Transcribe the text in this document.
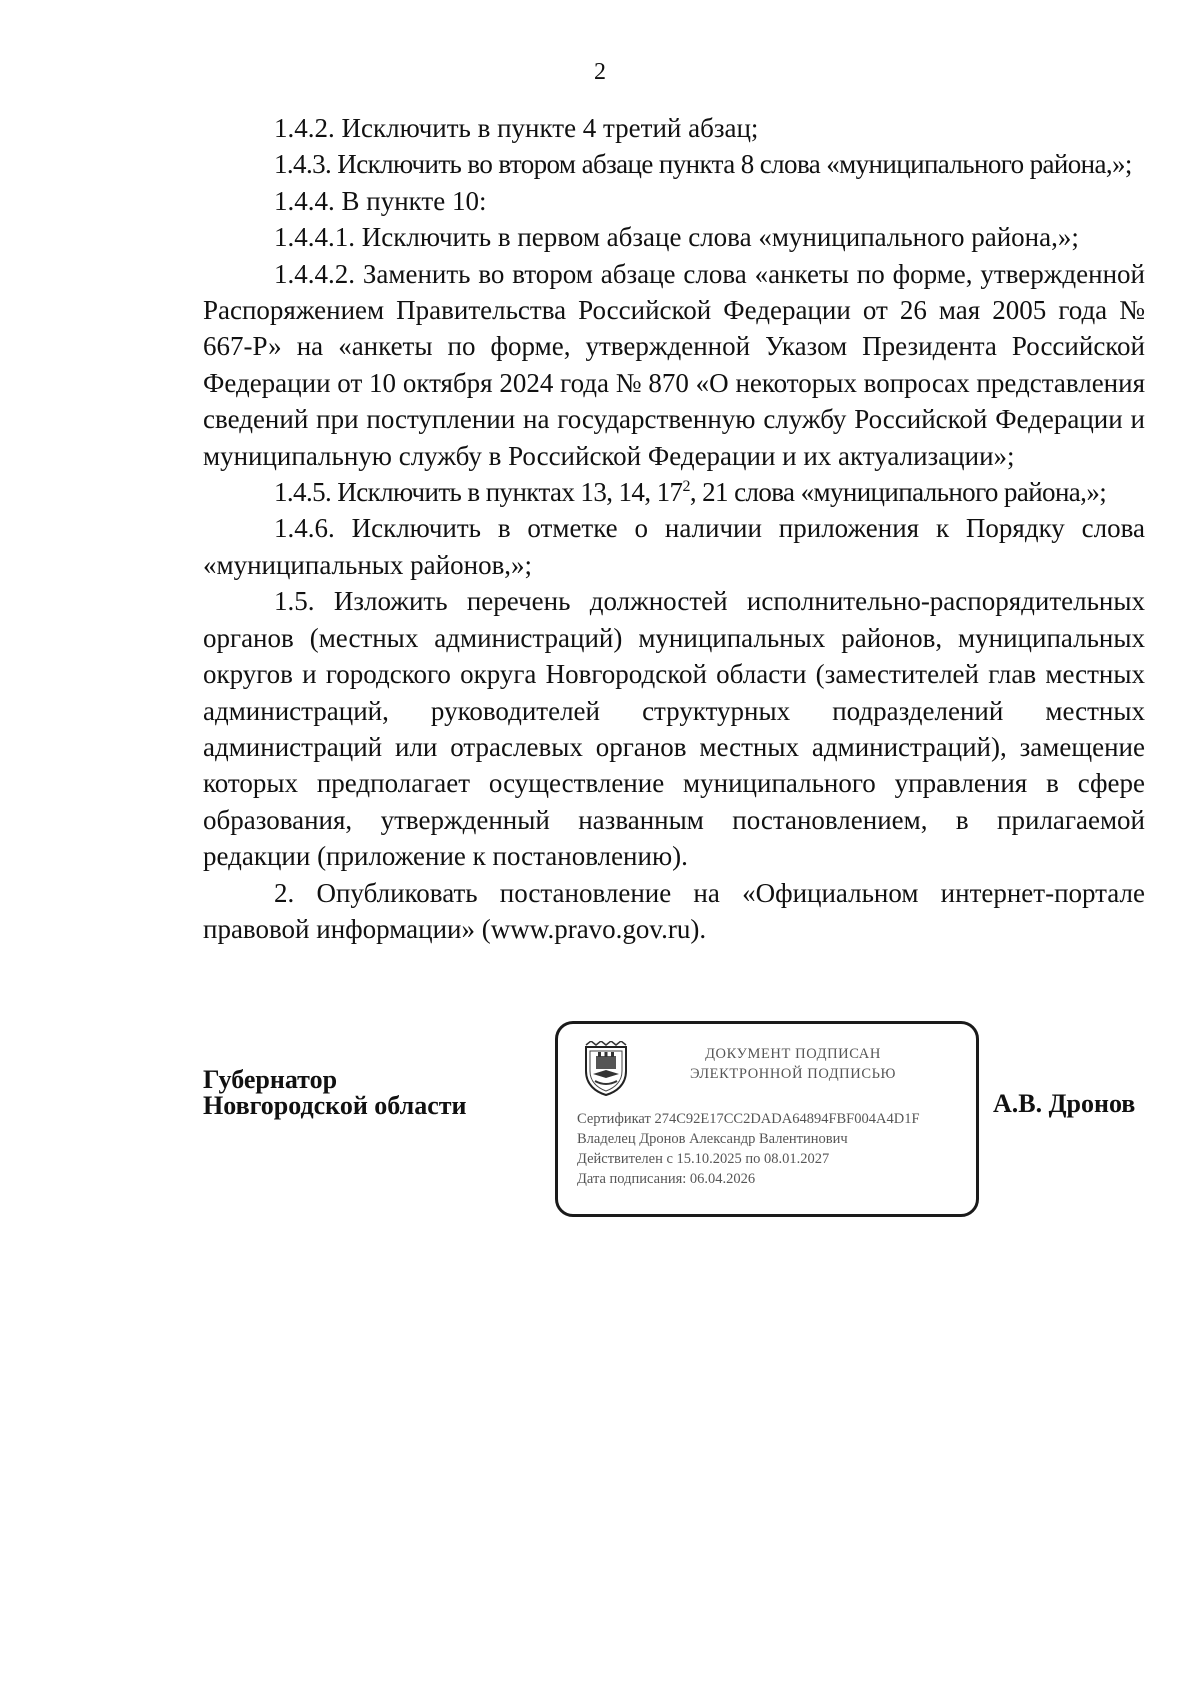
2

1.4.2. Исключить в пункте 4 третий абзац;

1.4.3. Исключить во втором абзаце пункта 8 слова «муниципального района,»;

1.4.4. В пункте 10:

1.4.4.1. Исключить в первом абзаце слова «муниципального района,»;

1.4.4.2. Заменить во втором абзаце слова «анкеты по форме, утвержденной Распоряжением Правительства Российской Федерации от 26 мая 2005 года № 667-Р» на «анкеты по форме, утвержденной Указом Президента Российской Федерации от 10 октября 2024 года № 870 «О некоторых вопросах представления сведений при поступлении на государственную службу Российской Федерации и муниципальную службу в Российской Федерации и их актуализации»;

1.4.5. Исключить в пунктах 13, 14, $17^2$, 21 слова «муниципального района,»;

1.4.6. Исключить в отметке о наличии приложения к Порядку слова «муниципальных районов,»;

1.5. Изложить перечень должностей исполнительно-распорядительных органов (местных администраций) муниципальных районов, муниципальных округов и городского округа Новгородской области (заместителей глав местных администраций, руководителей структурных подразделений местных администраций или отраслевых органов местных администраций), замещение которых предполагает осуществление муниципального управления в сфере образования, утвержденный названным постановлением, в прилагаемой редакции (приложение к постановлению).

2. Опубликовать постановление на «Официальном интернет-портале правовой информации» (www.pravo.gov.ru).

Губернатор
Новгородской области
ДОКУМЕНТ ПОДПИСАН
ЭЛЕКТРОННОЙ ПОДПИСЬЮ
Сертификат 274C92E17CC2DADA64894FBF004A4D1F
Владелец Дронов Александр Валентинович
Действителен с 15.10.2025 по 08.01.2027
Дата подписания: 06.04.2026
А.В. Дронов
